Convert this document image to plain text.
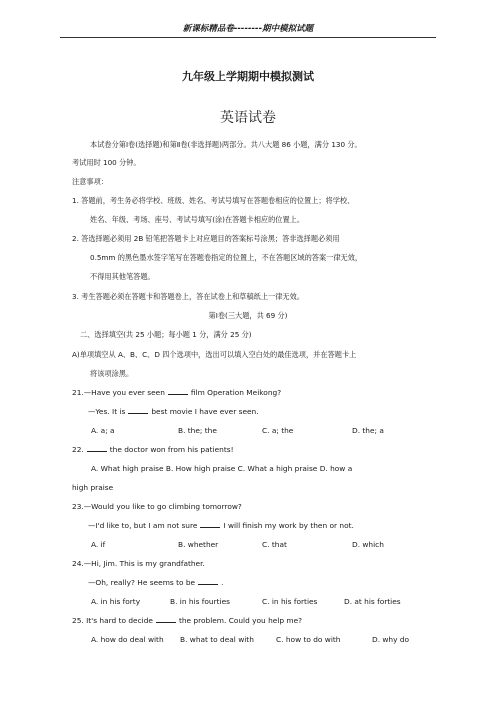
新课标精品卷--------期中模拟试题
九年级上学期期中模拟测试
英语试卷
本试卷分第Ⅰ卷(选择题)和第Ⅱ卷(非选择题)两部分。共八大题 86 小题，满分 130 分。
考试用时 100 分钟。
注意事项：
1. 答题前，考生务必将学校、班级、姓名、考试号填写在答题卷相应的位置上；将学校、
姓名、年级、考场、座号、考试号填写(涂)在答题卡相应的位置上。
2. 答选择题必须用 2B 铅笔把答题卡上对应题目的答案标号涂黑；答非选择题必须用
0.5mm 的黑色墨水签字笔写在答题卷指定的位置上，不在答题区域的答案一律无效，
不得用其他笔答题。
3. 考生答题必须在答题卡和答题卷上，答在试卷上和草稿纸上一律无效。
第Ⅰ卷(三大题，共 69 分)
二、选择填空(共 25 小题；每小题 1 分，满分 25 分)
A)单项填空从 A、B、C、D 四个选项中，选出可以填入空白处的最佳选项，并在答题卡上
将该项涂黑。
21.—Have you ever seen	film Operation Meikong?
—Yes. It is	best movie I have ever seen.
A. a; a	B. the; the	C. a; the	D. the; a
22.	the doctor won from his patients!
A. What high praise B. How high praise C. What a high praise D. how a
high praise
23.—Would you like to go climbing tomorrow?
—I'd like to, but I am not sure	I will finish my work by then or not.
A. if	B. whether	C. that	D. which
24.—Hi, Jim. This is my grandfather.
—Oh, really? He seems to be	.
A. in his forty	B. in his fourties	C. in his forties	D. at his forties
25. It's hard to decide	the problem. Could you help me?
A. how do deal with B. what to deal with	C. how to do with	D. why do
